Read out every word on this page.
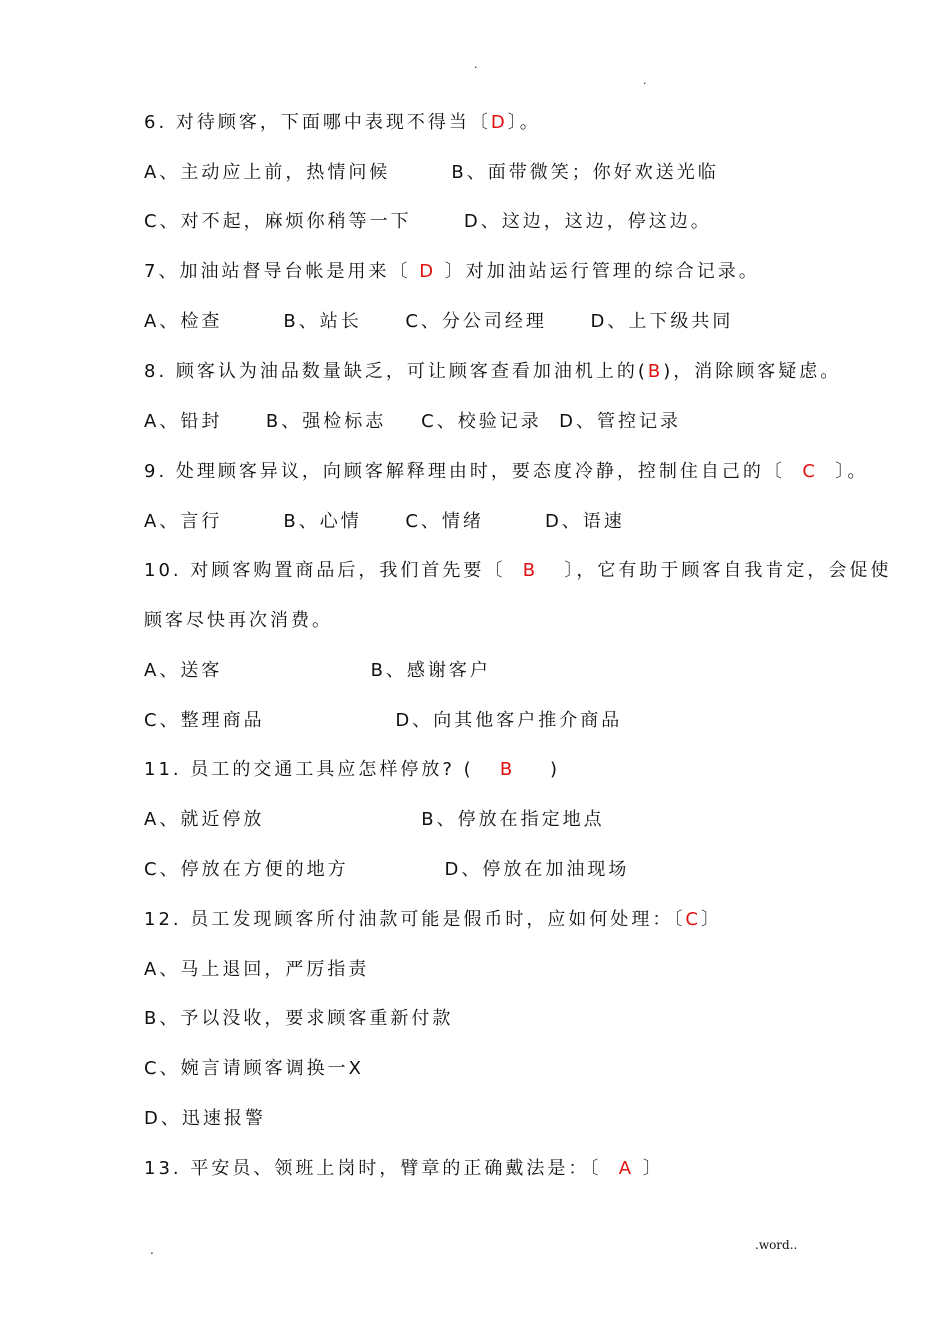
.
.
6. 对待顾客，下面哪中表现不得当〔D〕。
A、主动应上前，热情问候       B、面带微笑；你好欢送光临
C、对不起，麻烦你稍等一下      D、这边，这边，停这边。
7、加油站督导台帐是用来〔 D 〕对加油站运行管理的综合记录。
A、检查       B、站长     C、分公司经理     D、上下级共同
8. 顾客认为油品数量缺乏，可让顾客查看加油机上的(B)，消除顾客疑虑。
A、铅封     B、强检标志    C、校验记录  D、管控记录
9. 处理顾客异议，向顾客解释理由时，要态度冷静，控制住自己的〔  C  〕。
A、言行       B、心情     C、情绪       D、语速
10. 对顾客购置商品后，我们首先要〔  B   〕，它有助于顾客自我肯定，会促使
顾客尽快再次消费。
A、送客                 B、感谢客户
C、整理商品               D、向其他客户推介商品
11. 员工的交通工具应怎样停放? (   B    )
A、就近停放                  B、停放在指定地点
C、停放在方便的地方           D、停放在加油现场
12. 员工发现顾客所付油款可能是假币时，应如何处理：〔C〕
A、马上退回，严厉指责
B、予以没收，要求顾客重新付款
C、婉言请顾客调换一X
D、迅速报警
13. 平安员、领班上岗时，臂章的正确戴法是：〔  A 〕
.	.word..
